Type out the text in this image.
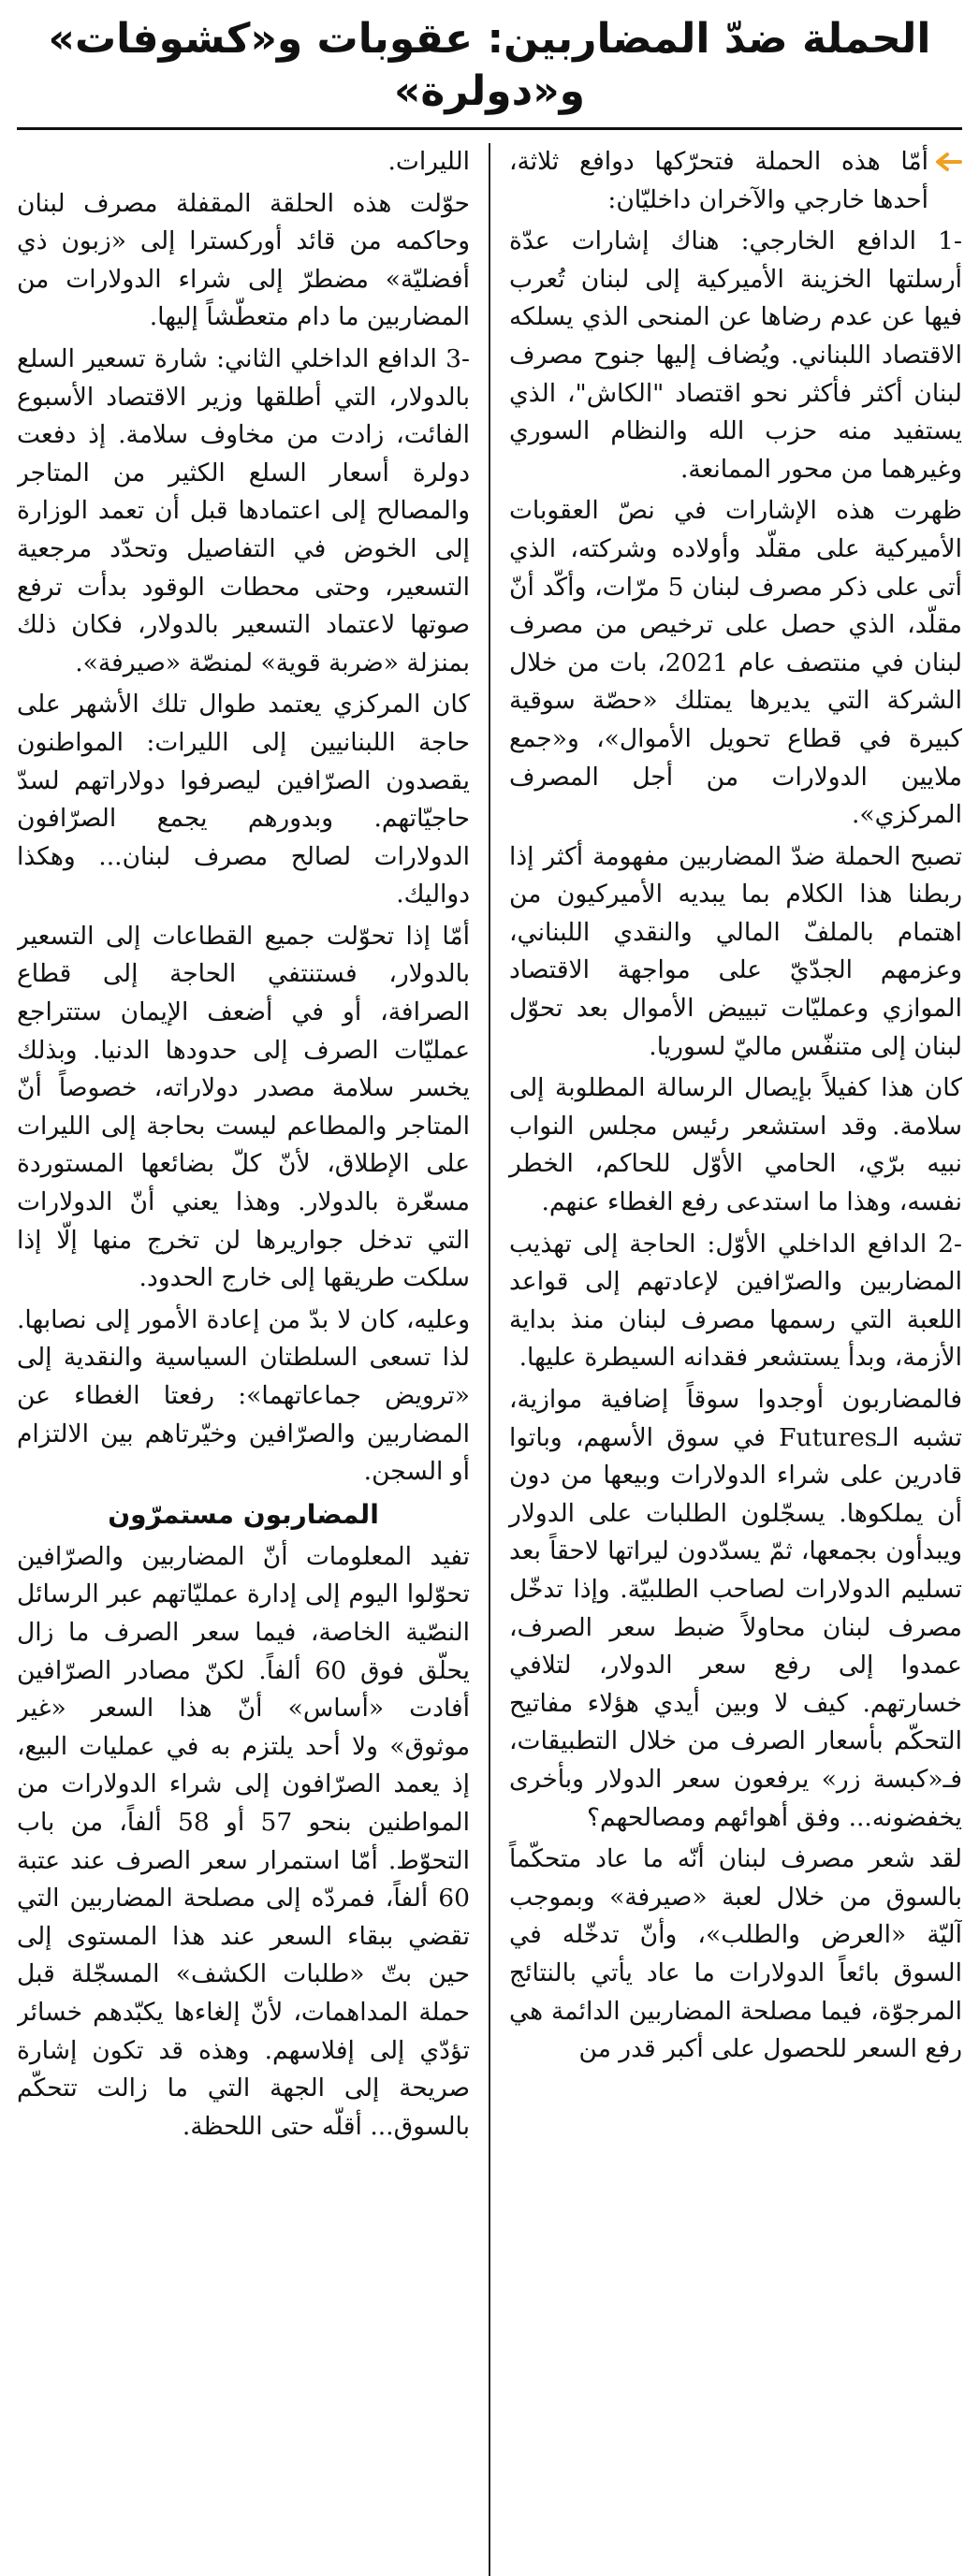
الحملة ضدّ المضاربين: عقوبات و«كشوفات» و«دولرة»

أمّا هذه الحملة فتحرّكها دوافع ثلاثة، أحدها خارجي والآخران داخليّان:

-1 الدافع الخارجي: هناك إشارات عدّة أرسلتها الخزينة الأميركية إلى لبنان تُعرب فيها عن عدم رضاها عن المنحى الذي يسلكه الاقتصاد اللبناني. ويُضاف إليها جنوح مصرف لبنان أكثر فأكثر نحو اقتصاد "الكاش"، الذي يستفيد منه حزب الله والنظام السوري وغيرهما من محور الممانعة.

ظهرت هذه الإشارات في نصّ العقوبات الأميركية على مقلّد وأولاده وشركته، الذي أتى على ذكر مصرف لبنان 5 مرّات، وأكّد أنّ مقلّد، الذي حصل على ترخيص من مصرف لبنان في منتصف عام 2021، بات من خلال الشركة التي يديرها يمتلك «حصّة سوقية كبيرة في قطاع تحويل الأموال»، و«جمع ملايين الدولارات من أجل المصرف المركزي».

تصبح الحملة ضدّ المضاربين مفهومة أكثر إذا ربطنا هذا الكلام بما يبديه الأميركيون من اهتمام بالملفّ المالي والنقدي اللبناني، وعزمهم الجدّيّ على مواجهة الاقتصاد الموازي وعمليّات تبييض الأموال بعد تحوّل لبنان إلى متنفّس ماليّ لسوريا.

كان هذا كفيلاً بإيصال الرسالة المطلوبة إلى سلامة. وقد استشعر رئيس مجلس النواب نبيه برّي، الحامي الأوّل للحاكم، الخطر نفسه، وهذا ما استدعى رفع الغطاء عنهم.

-2 الدافع الداخلي الأوّل: الحاجة إلى تهذيب المضاربين والصرّافين لإعادتهم إلى قواعد اللعبة التي رسمها مصرف لبنان منذ بداية الأزمة، وبدأ يستشعر فقدانه السيطرة عليها.

فالمضاربون أوجدوا سوقاً إضافية موازية، تشبه الـFutures في سوق الأسهم، وباتوا قادرين على شراء الدولارات وبيعها من دون أن يملكوها. يسجّلون الطلبات على الدولار ويبدأون بجمعها، ثمّ يسدّدون ليراتها لاحقاً بعد تسليم الدولارات لصاحب الطلبيّة. وإذا تدخّل مصرف لبنان محاولاً ضبط سعر الصرف، عمدوا إلى رفع سعر الدولار، لتلافي خسارتهم. كيف لا وبين أيدي هؤلاء مفاتيح التحكّم بأسعار الصرف من خلال التطبيقات، فـ«كبسة زر» يرفعون سعر الدولار وبأخرى يخفضونه... وفق أهوائهم ومصالحهم؟

لقد شعر مصرف لبنان أنّه ما عاد متحكّماً بالسوق من خلال لعبة «صيرفة» وبموجب آليّة «العرض والطلب»، وأنّ تدخّله في السوق بائعاً الدولارات ما عاد يأتي بالنتائج المرجوّة، فيما مصلحة المضاربين الدائمة هي رفع السعر للحصول على أكبر قدر من

الليرات.

حوّلت هذه الحلقة المقفلة مصرف لبنان وحاكمه من قائد أوركسترا إلى «زبون ذي أفضليّة» مضطرّ إلى شراء الدولارات من المضاربين ما دام متعطّشاً إليها.

-3 الدافع الداخلي الثاني: شارة تسعير السلع بالدولار، التي أطلقها وزير الاقتصاد الأسبوع الفائت، زادت من مخاوف سلامة. إذ دفعت دولرة أسعار السلع الكثير من المتاجر والمصالح إلى اعتمادها قبل أن تعمد الوزارة إلى الخوض في التفاصيل وتحدّد مرجعية التسعير، وحتى محطات الوقود بدأت ترفع صوتها لاعتماد التسعير بالدولار، فكان ذلك بمنزلة «ضربة قوية» لمنصّة «صيرفة».

كان المركزي يعتمد طوال تلك الأشهر على حاجة اللبنانيين إلى الليرات: المواطنون يقصدون الصرّافين ليصرفوا دولاراتهم لسدّ حاجيّاتهم. وبدورهم يجمع الصرّافون الدولارات لصالح مصرف لبنان... وهكذا دواليك.

أمّا إذا تحوّلت جميع القطاعات إلى التسعير بالدولار، فستنتفي الحاجة إلى قطاع الصرافة، أو في أضعف الإيمان ستتراجع عمليّات الصرف إلى حدودها الدنيا. وبذلك يخسر سلامة مصدر دولاراته، خصوصاً أنّ المتاجر والمطاعم ليست بحاجة إلى الليرات على الإطلاق، لأنّ كلّ بضائعها المستوردة مسعّرة بالدولار. وهذا يعني أنّ الدولارات التي تدخل جواريرها لن تخرج منها إلّا إذا سلكت طريقها إلى خارج الحدود.

وعليه، كان لا بدّ من إعادة الأمور إلى نصابها. لذا تسعى السلطتان السياسية والنقدية إلى «ترويض جماعاتهما»: رفعتا الغطاء عن المضاربين والصرّافين وخيّرتاهم بين الالتزام أو السجن.

المضاربون مستمرّون

تفيد المعلومات أنّ المضاربين والصرّافين تحوّلوا اليوم إلى إدارة عمليّاتهم عبر الرسائل النصّية الخاصة، فيما سعر الصرف ما زال يحلّق فوق 60 ألفاً. لكنّ مصادر الصرّافين أفادت «أساس» أنّ هذا السعر «غير موثوق» ولا أحد يلتزم به في عمليات البيع، إذ يعمد الصرّافون إلى شراء الدولارات من المواطنين بنحو 57 أو 58 ألفاً، من باب التحوّط. أمّا استمرار سعر الصرف عند عتبة 60 ألفاً، فمردّه إلى مصلحة المضاربين التي تقضي ببقاء السعر عند هذا المستوى إلى حين بتّ «طلبات الكشف» المسجّلة قبل حملة المداهمات، لأنّ إلغاءها يكبّدهم خسائر تؤدّي إلى إفلاسهم. وهذه قد تكون إشارة صريحة إلى الجهة التي ما زالت تتحكّم بالسوق... أقلّه حتى اللحظة.
